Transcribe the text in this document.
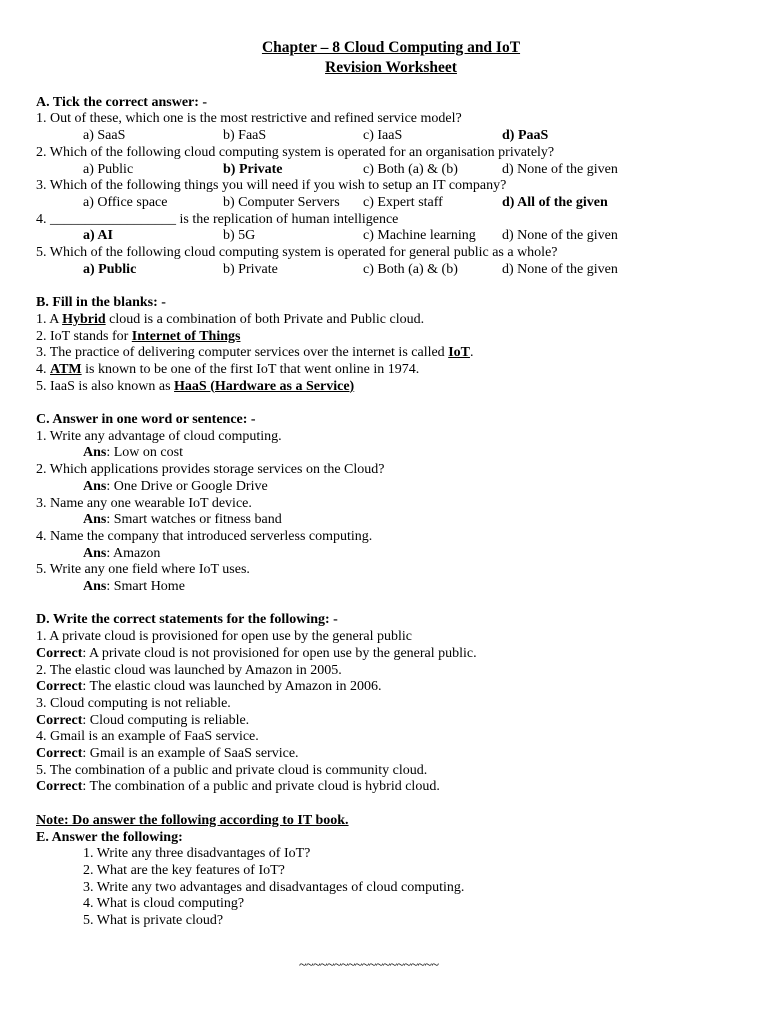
Chapter – 8 Cloud Computing and IoT
Revision Worksheet
A. Tick the correct answer: -
1. Out of these, which one is the most restrictive and refined service model?
a) SaaS	b) FaaS	c) IaaS	d) PaaS
2. Which of the following cloud computing system is operated for an organisation privately?
a) Public	b) Private	c) Both (a) & (b)	d) None of the given
3. Which of the following things you will need if you wish to setup an IT company?
a) Office space	b) Computer Servers	c) Expert staff	d) All of the given
4. __________________ is the replication of human intelligence
a) AI	b) 5G	c) Machine learning	d) None of the given
5. Which of the following cloud computing system is operated for general public as a whole?
a) Public	b) Private	c) Both (a) & (b)	d) None of the given
B. Fill in the blanks: -
1. A Hybrid cloud is a combination of both Private and Public cloud.
2. IoT stands for Internet of Things
3. The practice of delivering computer services over the internet is called IoT.
4. ATM is known to be one of the first IoT that went online in 1974.
5. IaaS is also known as HaaS (Hardware as a Service)
C. Answer in one word or sentence: -
1. Write any advantage of cloud computing.
Ans: Low on cost
2. Which applications provides storage services on the Cloud?
Ans: One Drive or Google Drive
3. Name any one wearable IoT device.
Ans: Smart watches or fitness band
4. Name the company that introduced serverless computing.
Ans: Amazon
5. Write any one field where IoT uses.
Ans: Smart Home
D. Write the correct statements for the following: -
1. A private cloud is provisioned for open use by the general public
Correct: A private cloud is not provisioned for open use by the general public.
2. The elastic cloud was launched by Amazon in 2005.
Correct: The elastic cloud was launched by Amazon in 2006.
3. Cloud computing is not reliable.
Correct: Cloud computing is reliable.
4. Gmail is an example of FaaS service.
Correct: Gmail is an example of SaaS service.
5. The combination of a public and private cloud is community cloud.
Correct: The combination of a public and private cloud is hybrid cloud.
Note: Do answer the following according to IT book.
E. Answer the following:
1. Write any three disadvantages of IoT?
2. What are the key features of IoT?
3. Write any two advantages and disadvantages of cloud computing.
4. What is cloud computing?
5. What is private cloud?
~~~~~~~~~~~~~~~~~~~~
